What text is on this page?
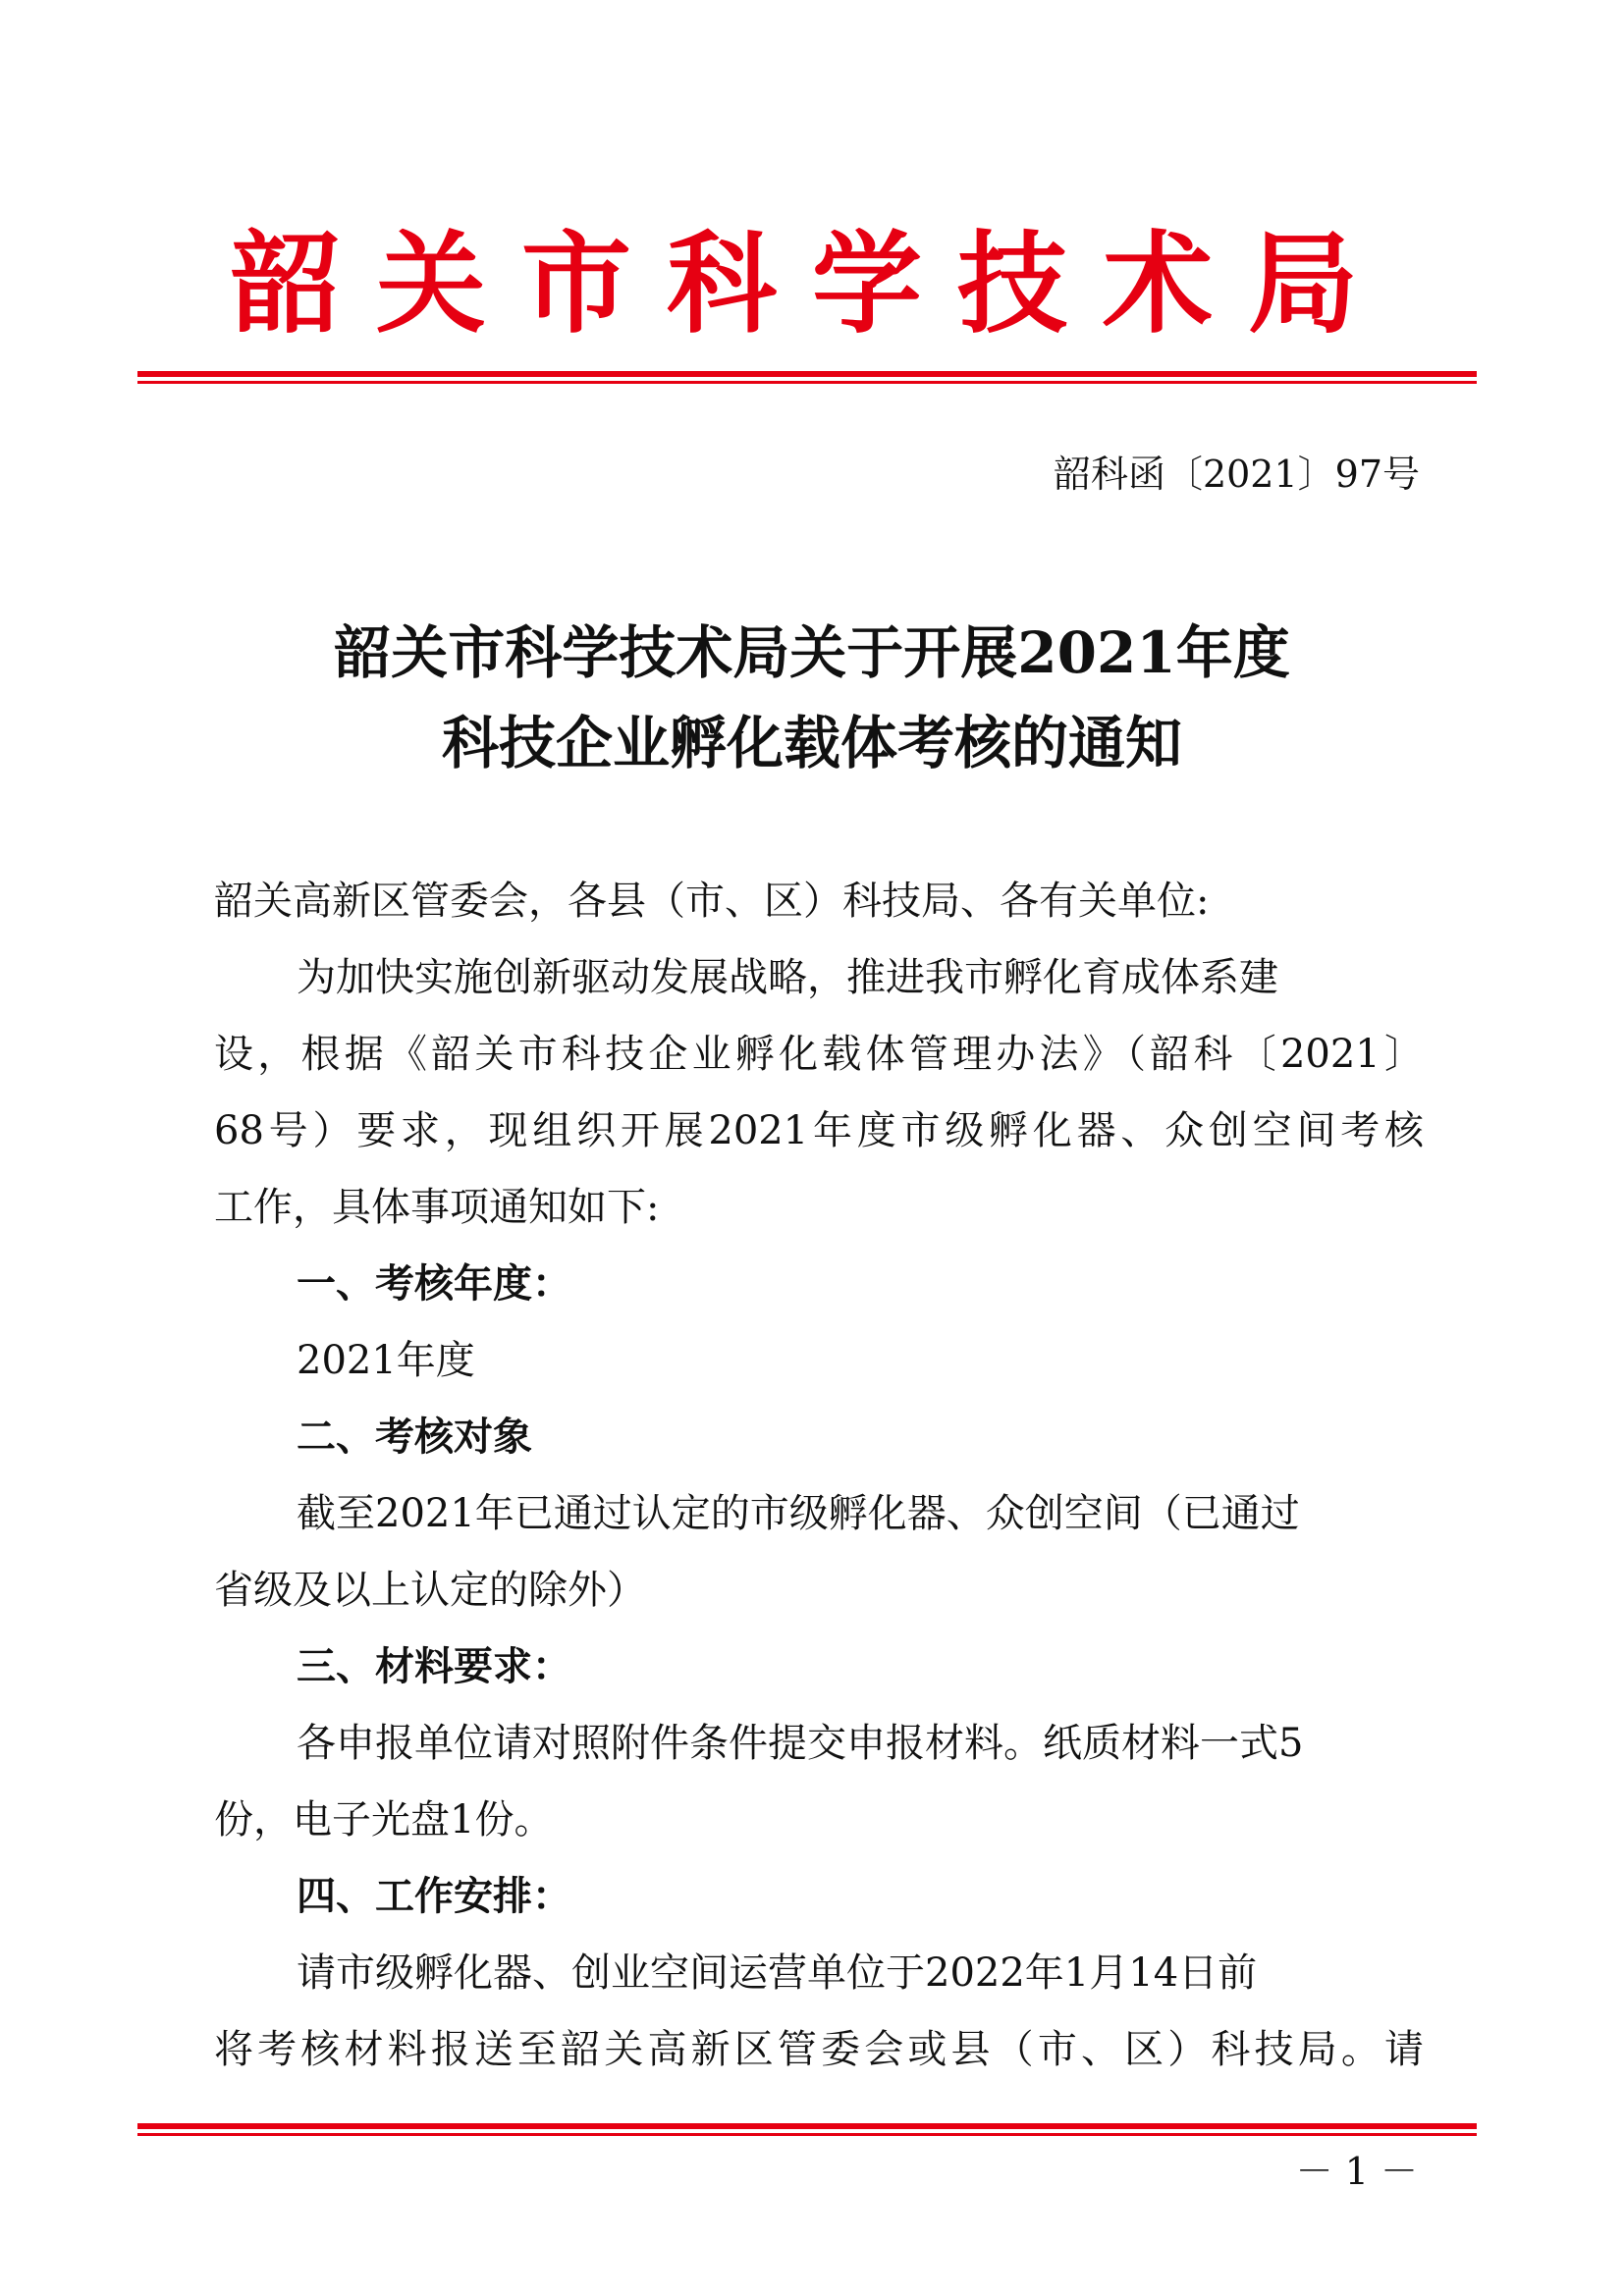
韶关市科学技术局
韶科函〔2021〕97号
韶关市科学技术局关于开展2021年度
科技企业孵化载体考核的通知
韶关高新区管委会，各县（市、区）科技局、各有关单位:
为加快实施创新驱动发展战略，推进我市孵化育成体系建
设，根据《韶关市科技企业孵化载体管理办法》（韶科〔2021〕
68号）要求，现组织开展2021年度市级孵化器、众创空间考核
工作，具体事项通知如下:
一、考核年度：
2021年度
二、考核对象
截至2021年已通过认定的市级孵化器、众创空间（已通过
省级及以上认定的除外）
三、材料要求：
各申报单位请对照附件条件提交申报材料。纸质材料一式5
份，电子光盘1份。
四、工作安排：
请市级孵化器、创业空间运营单位于2022年1月14日前
将考核材料报送至韶关高新区管委会或县（市、区）科技局。请
－ 1 －
